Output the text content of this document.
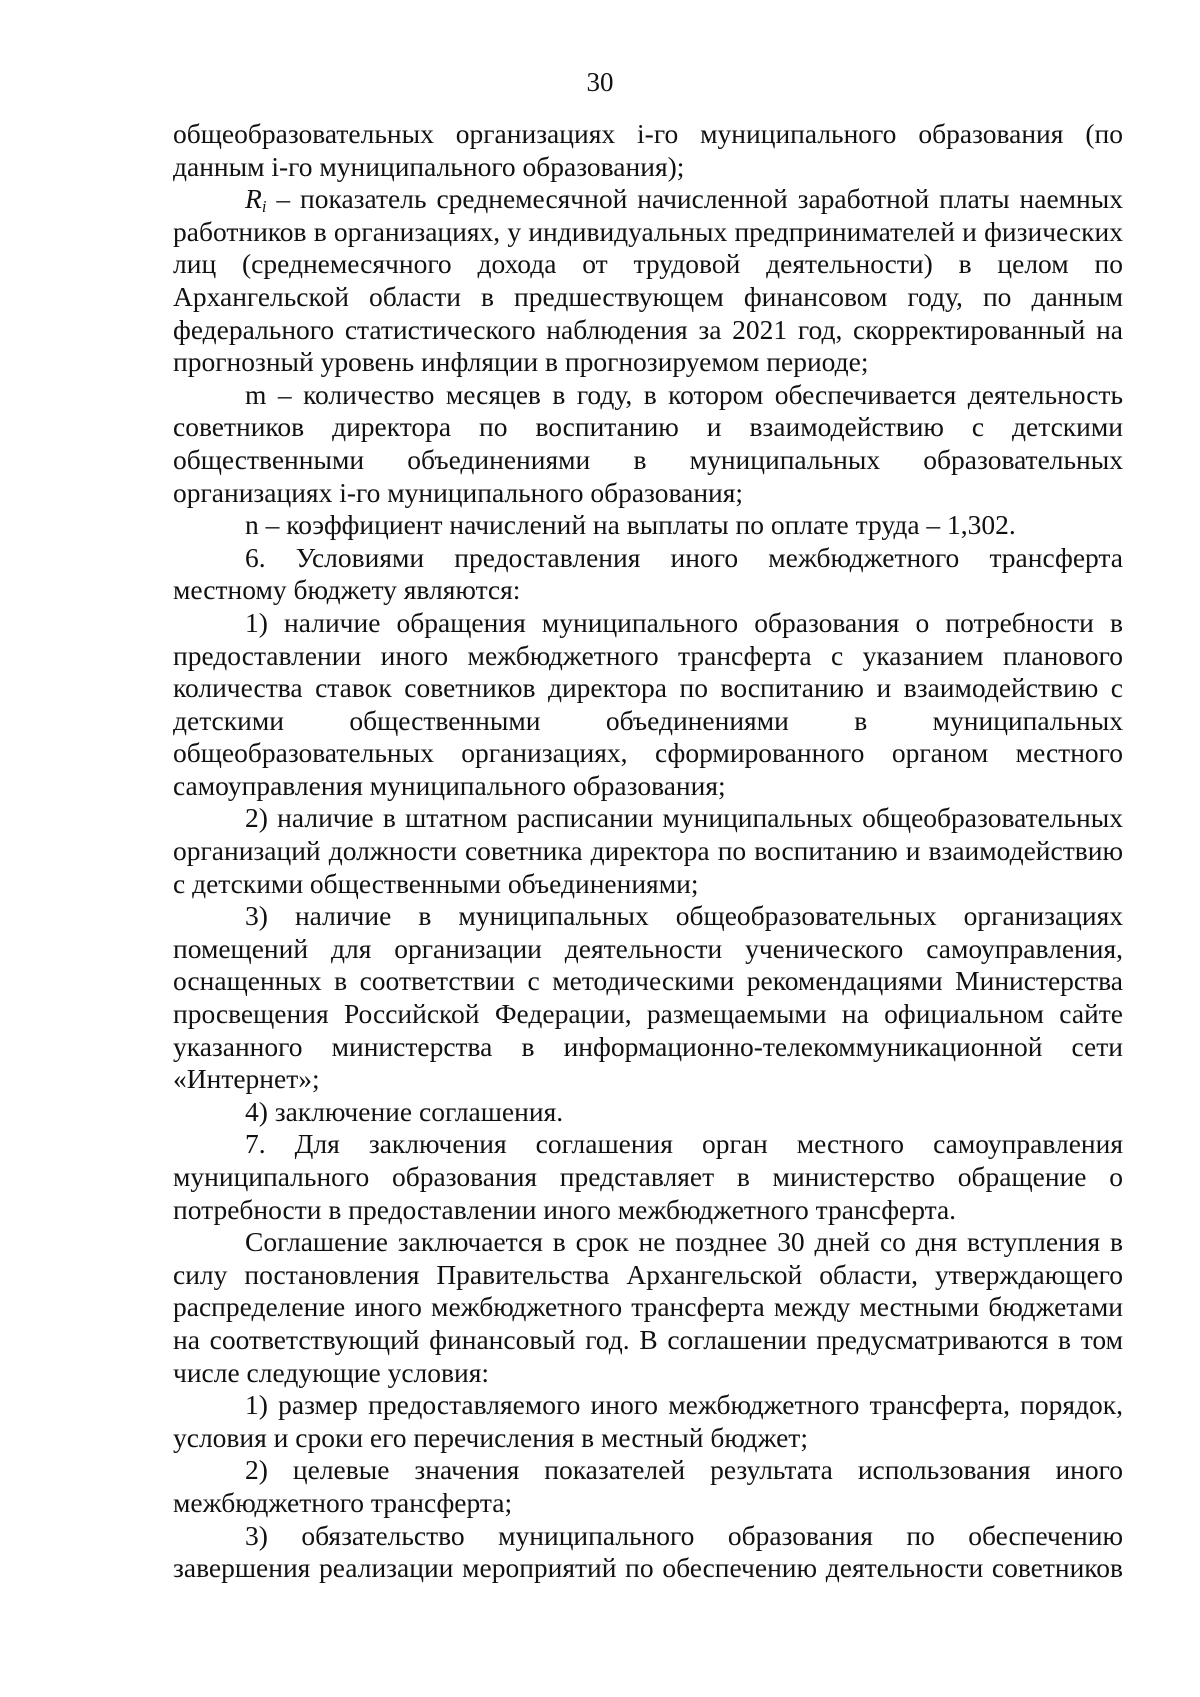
30

общеобразовательных организациях i-го муниципального образования (по данным i-го муниципального образования);

$R_i$ – показатель среднемесячной начисленной заработной платы наемных работников в организациях, у индивидуальных предпринимателей и физических лиц (среднемесячного дохода от трудовой деятельности) в целом по Архангельской области в предшествующем финансовом году, по данным федерального статистического наблюдения за 2021 год, скорректированный на прогнозный уровень инфляции в прогнозируемом периоде;

m – количество месяцев в году, в котором обеспечивается деятельность советников директора по воспитанию и взаимодействию с детскими общественными объединениями в муниципальных образовательных организациях i-го муниципального образования;

n – коэффициент начислений на выплаты по оплате труда – 1,302.

6. Условиями предоставления иного межбюджетного трансферта местному бюджету являются:

1) наличие обращения муниципального образования о потребности в предоставлении иного межбюджетного трансферта с указанием планового количества ставок советников директора по воспитанию и взаимодействию с детскими общественными объединениями в муниципальных общеобразовательных организациях, сформированного органом местного самоуправления муниципального образования;

2) наличие в штатном расписании муниципальных общеобразовательных организаций должности советника директора по воспитанию и взаимодействию с детскими общественными объединениями;

3) наличие в муниципальных общеобразовательных организациях помещений для организации деятельности ученического самоуправления, оснащенных в соответствии с методическими рекомендациями Министерства просвещения Российской Федерации, размещаемыми на официальном сайте указанного министерства в информационно-телекоммуникационной сети «Интернет»;

4) заключение соглашения.

7. Для заключения соглашения орган местного самоуправления муниципального образования представляет в министерство обращение о потребности в предоставлении иного межбюджетного трансферта.

Соглашение заключается в срок не позднее 30 дней со дня вступления в силу постановления Правительства Архангельской области, утверждающего распределение иного межбюджетного трансферта между местными бюджетами на соответствующий финансовый год. В соглашении предусматриваются в том числе следующие условия:

1) размер предоставляемого иного межбюджетного трансферта, порядок, условия и сроки его перечисления в местный бюджет;

2) целевые значения показателей результата использования иного межбюджетного трансферта;

3) обязательство муниципального образования по обеспечению завершения реализации мероприятий по обеспечению деятельности советников
